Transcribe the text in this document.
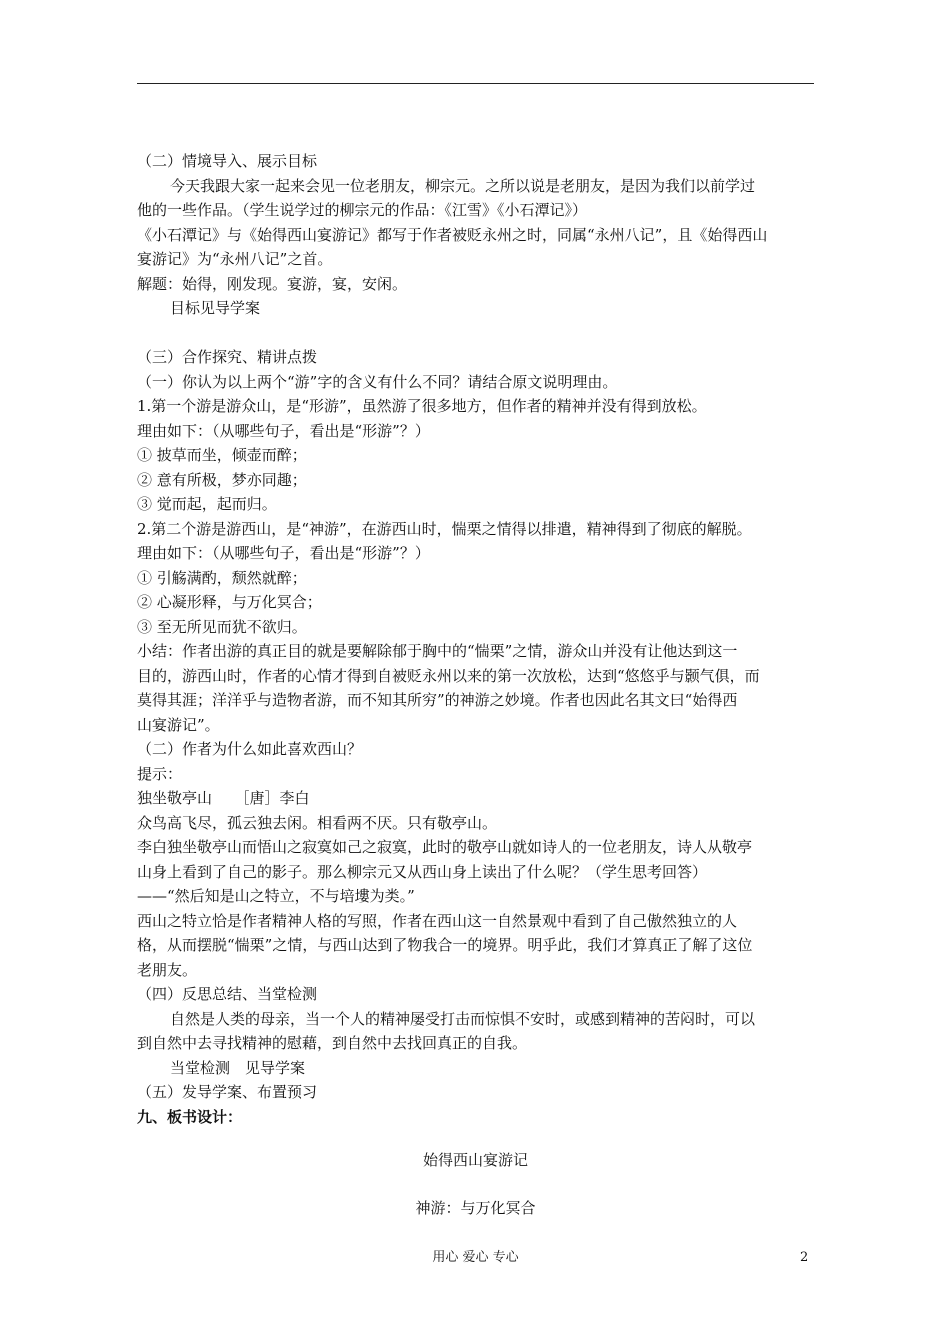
（二）情境导入、展示目标
今天我跟大家一起来会见一位老朋友，柳宗元。之所以说是老朋友，是因为我们以前学过
他的一些作品。（学生说学过的柳宗元的作品：《江雪》《小石潭记》）
《小石潭记》与《始得西山宴游记》都写于作者被贬永州之时，同属“永州八记”，且《始得西山
宴游记》为“永州八记”之首。
解题：始得，刚发现。宴游，宴，安闲。
目标见导学案
（三）合作探究、精讲点拨
（一）你认为以上两个“游”字的含义有什么不同？请结合原文说明理由。
1.第一个游是游众山，是“形游”，虽然游了很多地方，但作者的精神并没有得到放松。
理由如下：（从哪些句子，看出是“形游”？）
① 披草而坐，倾壶而醉；
② 意有所极，梦亦同趣；
③ 觉而起，起而归。
2.第二个游是游西山，是“神游”，在游西山时，惴栗之情得以排遣，精神得到了彻底的解脱。
理由如下：（从哪些句子，看出是“形游”？）
① 引觞满酌，颓然就醉；
② 心凝形释，与万化冥合；
③ 至无所见而犹不欲归。
小结：作者出游的真正目的就是要解除郁于胸中的“惴栗”之情，游众山并没有让他达到这一
目的，游西山时，作者的心情才得到自被贬永州以来的第一次放松，达到“悠悠乎与颢气俱，而
莫得其涯；洋洋乎与造物者游，而不知其所穷”的神游之妙境。作者也因此名其文曰“始得西
山宴游记”。
（二）作者为什么如此喜欢西山？
提示：
独坐敬亭山　　［唐］李白
众鸟高飞尽，孤云独去闲。相看两不厌。只有敬亭山。
李白独坐敬亭山而悟山之寂寞如己之寂寞，此时的敬亭山就如诗人的一位老朋友，诗人从敬亭
山身上看到了自己的影子。那么柳宗元又从西山身上读出了什么呢？（学生思考回答）
——“然后知是山之特立，不与培塿为类。”
西山之特立恰是作者精神人格的写照，作者在西山这一自然景观中看到了自己傲然独立的人
格，从而摆脱“惴栗”之情，与西山达到了物我合一的境界。明乎此，我们才算真正了解了这位
老朋友。
（四）反思总结、当堂检测
自然是人类的母亲，当一个人的精神屡受打击而惊惧不安时，或感到精神的苦闷时，可以
到自然中去寻找精神的慰藉，到自然中去找回真正的自我。
当堂检测　见导学案
（五）发导学案、布置预习
九、板书设计：
始得西山宴游记
神游：与万化冥合
用心 爱心 专心	2
